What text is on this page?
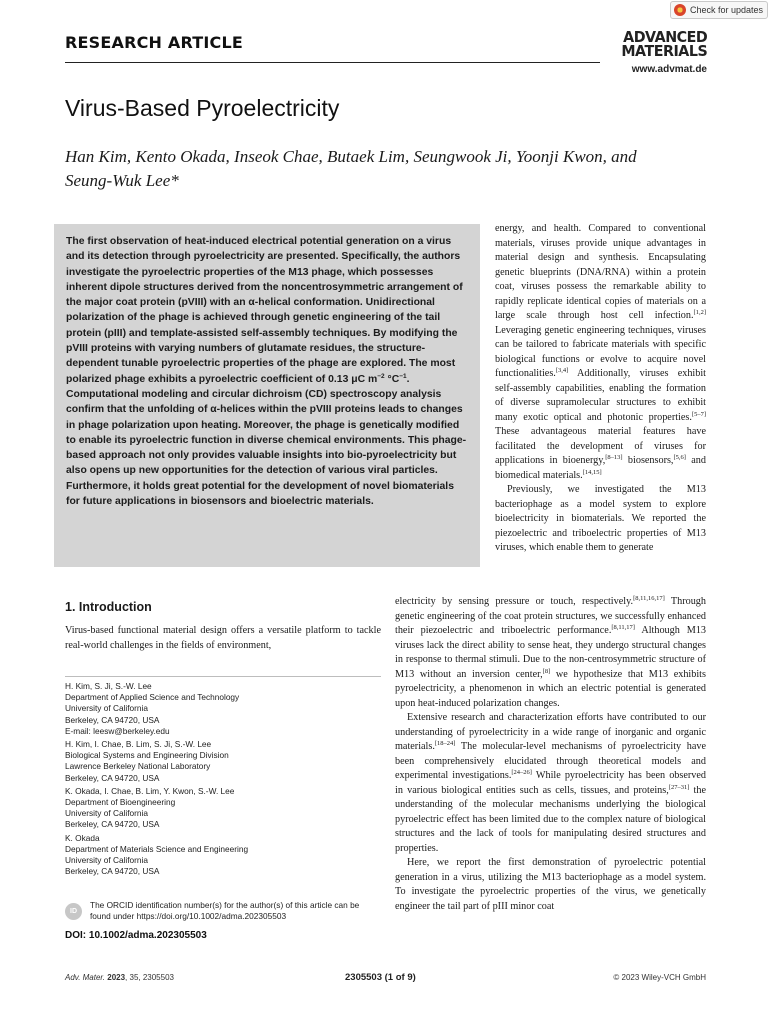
Check for updates
RESEARCH ARTICLE	ADVANCED
MATERIALS
www.advmat.de
Virus-Based Pyroelectricity
Han Kim, Kento Okada, Inseok Chae, Butaek Lim, Seungwook Ji, Yoonji Kwon, and Seung-Wuk Lee*
The first observation of heat-induced electrical potential generation on a virus and its detection through pyroelectricity are presented. Specifically, the authors investigate the pyroelectric properties of the M13 phage, which possesses inherent dipole structures derived from the noncentrosymmetric arrangement of the major coat protein (pVIII) with an α-helical conformation. Unidirectional polarization of the phage is achieved through genetic engineering of the tail protein (pIII) and template-assisted self-assembly techniques. By modifying the pVIII proteins with varying numbers of glutamate residues, the structure-dependent tunable pyroelectric properties of the phage are explored. The most polarized phage exhibits a pyroelectric coefficient of 0.13 μC $m^{-2}$ $^\circ C^{-1}$. Computational modeling and circular dichroism (CD) spectroscopy analysis confirm that the unfolding of α-helices within the pVIII proteins leads to changes in phage polarization upon heating. Moreover, the phage is genetically modified to enable its pyroelectric function in diverse chemical environments. This phage-based approach not only provides valuable insights into bio-pyroelectricity but also opens up new opportunities for the detection of various viral particles. Furthermore, it holds great potential for the development of novel biomaterials for future applications in biosensors and bioelectric materials.

energy, and health. Compared to conventional materials, viruses provide unique advantages in material design and synthesis. Encapsulating genetic blueprints (DNA/RNA) within a protein coat, viruses possess the remarkable ability to rapidly replicate identical copies of materials on a large scale through host cell infection.[1,2] Leveraging genetic engineering techniques, viruses can be tailored to fabricate materials with specific biological functions or evolve to acquire novel functionalities.[3,4] Additionally, viruses exhibit self-assembly capabilities, enabling the formation of diverse supramolecular structures to exhibit many exotic optical and photonic properties.[5–7] These advantageous material features have facilitated the development of viruses for applications in bioenergy,[8–13] biosensors,[5,6] and biomedical materials.[14,15]

Previously, we investigated the M13 bacteriophage as a model system to explore bioelectricity in biomaterials. We reported the piezoelectric and triboelectric properties of M13 viruses, which enable them to generate

1. Introduction
Virus-based functional material design offers a versatile platform to tackle real-world challenges in the fields of environment,

electricity by sensing pressure or touch, respectively.[8,11,16,17] Through genetic engineering of the coat protein structures, we successfully enhanced their piezoelectric and triboelectric performance.[8,11,17] Although M13 viruses lack the direct ability to sense heat, they undergo structural changes in response to thermal stimuli. Due to the non-centrosymmetric structure of M13 without an inversion center,[8] we hypothesize that M13 exhibits pyroelectricity, a phenomenon in which an electric potential is generated upon heat-induced polarization changes.

Extensive research and characterization efforts have contributed to our understanding of pyroelectricity in a wide range of inorganic and organic materials.[18–24] The molecular-level mechanisms of pyroelectricity have been comprehensively elucidated through theoretical models and experimental investigations.[24–26] While pyroelectricity has been observed in various biological entities such as cells, tissues, and proteins,[27–31] the understanding of the molecular mechanisms underlying the biological pyroelectric effect has been limited due to the complex nature of biological structures and the lack of tools for manipulating desired structures and properties.

Here, we report the first demonstration of pyroelectric potential generation in a virus, utilizing the M13 bacteriophage as a model system. To investigate the pyroelectric properties of the virus, we genetically engineer the tail part of pIII minor coat

H. Kim, S. Ji, S.-W. Lee
Department of Applied Science and Technology
University of California
Berkeley, CA 94720, USA
E-mail: leesw@berkeley.edu
H. Kim, I. Chae, B. Lim, S. Ji, S.-W. Lee
Biological Systems and Engineering Division
Lawrence Berkeley National Laboratory
Berkeley, CA 94720, USA
K. Okada, I. Chae, B. Lim, Y. Kwon, S.-W. Lee
Department of Bioengineering
University of California
Berkeley, CA 94720, USA
K. Okada
Department of Materials Science and Engineering
University of California
Berkeley, CA 94720, USA
ID
The ORCID identification number(s) for the author(s) of this article can be found under https://doi.org/10.1002/adma.202305503
DOI: 10.1002/adma.202305503
Adv. Mater. 2023, 35, 2305503	2305503 (1 of 9)	© 2023 Wiley-VCH GmbH
